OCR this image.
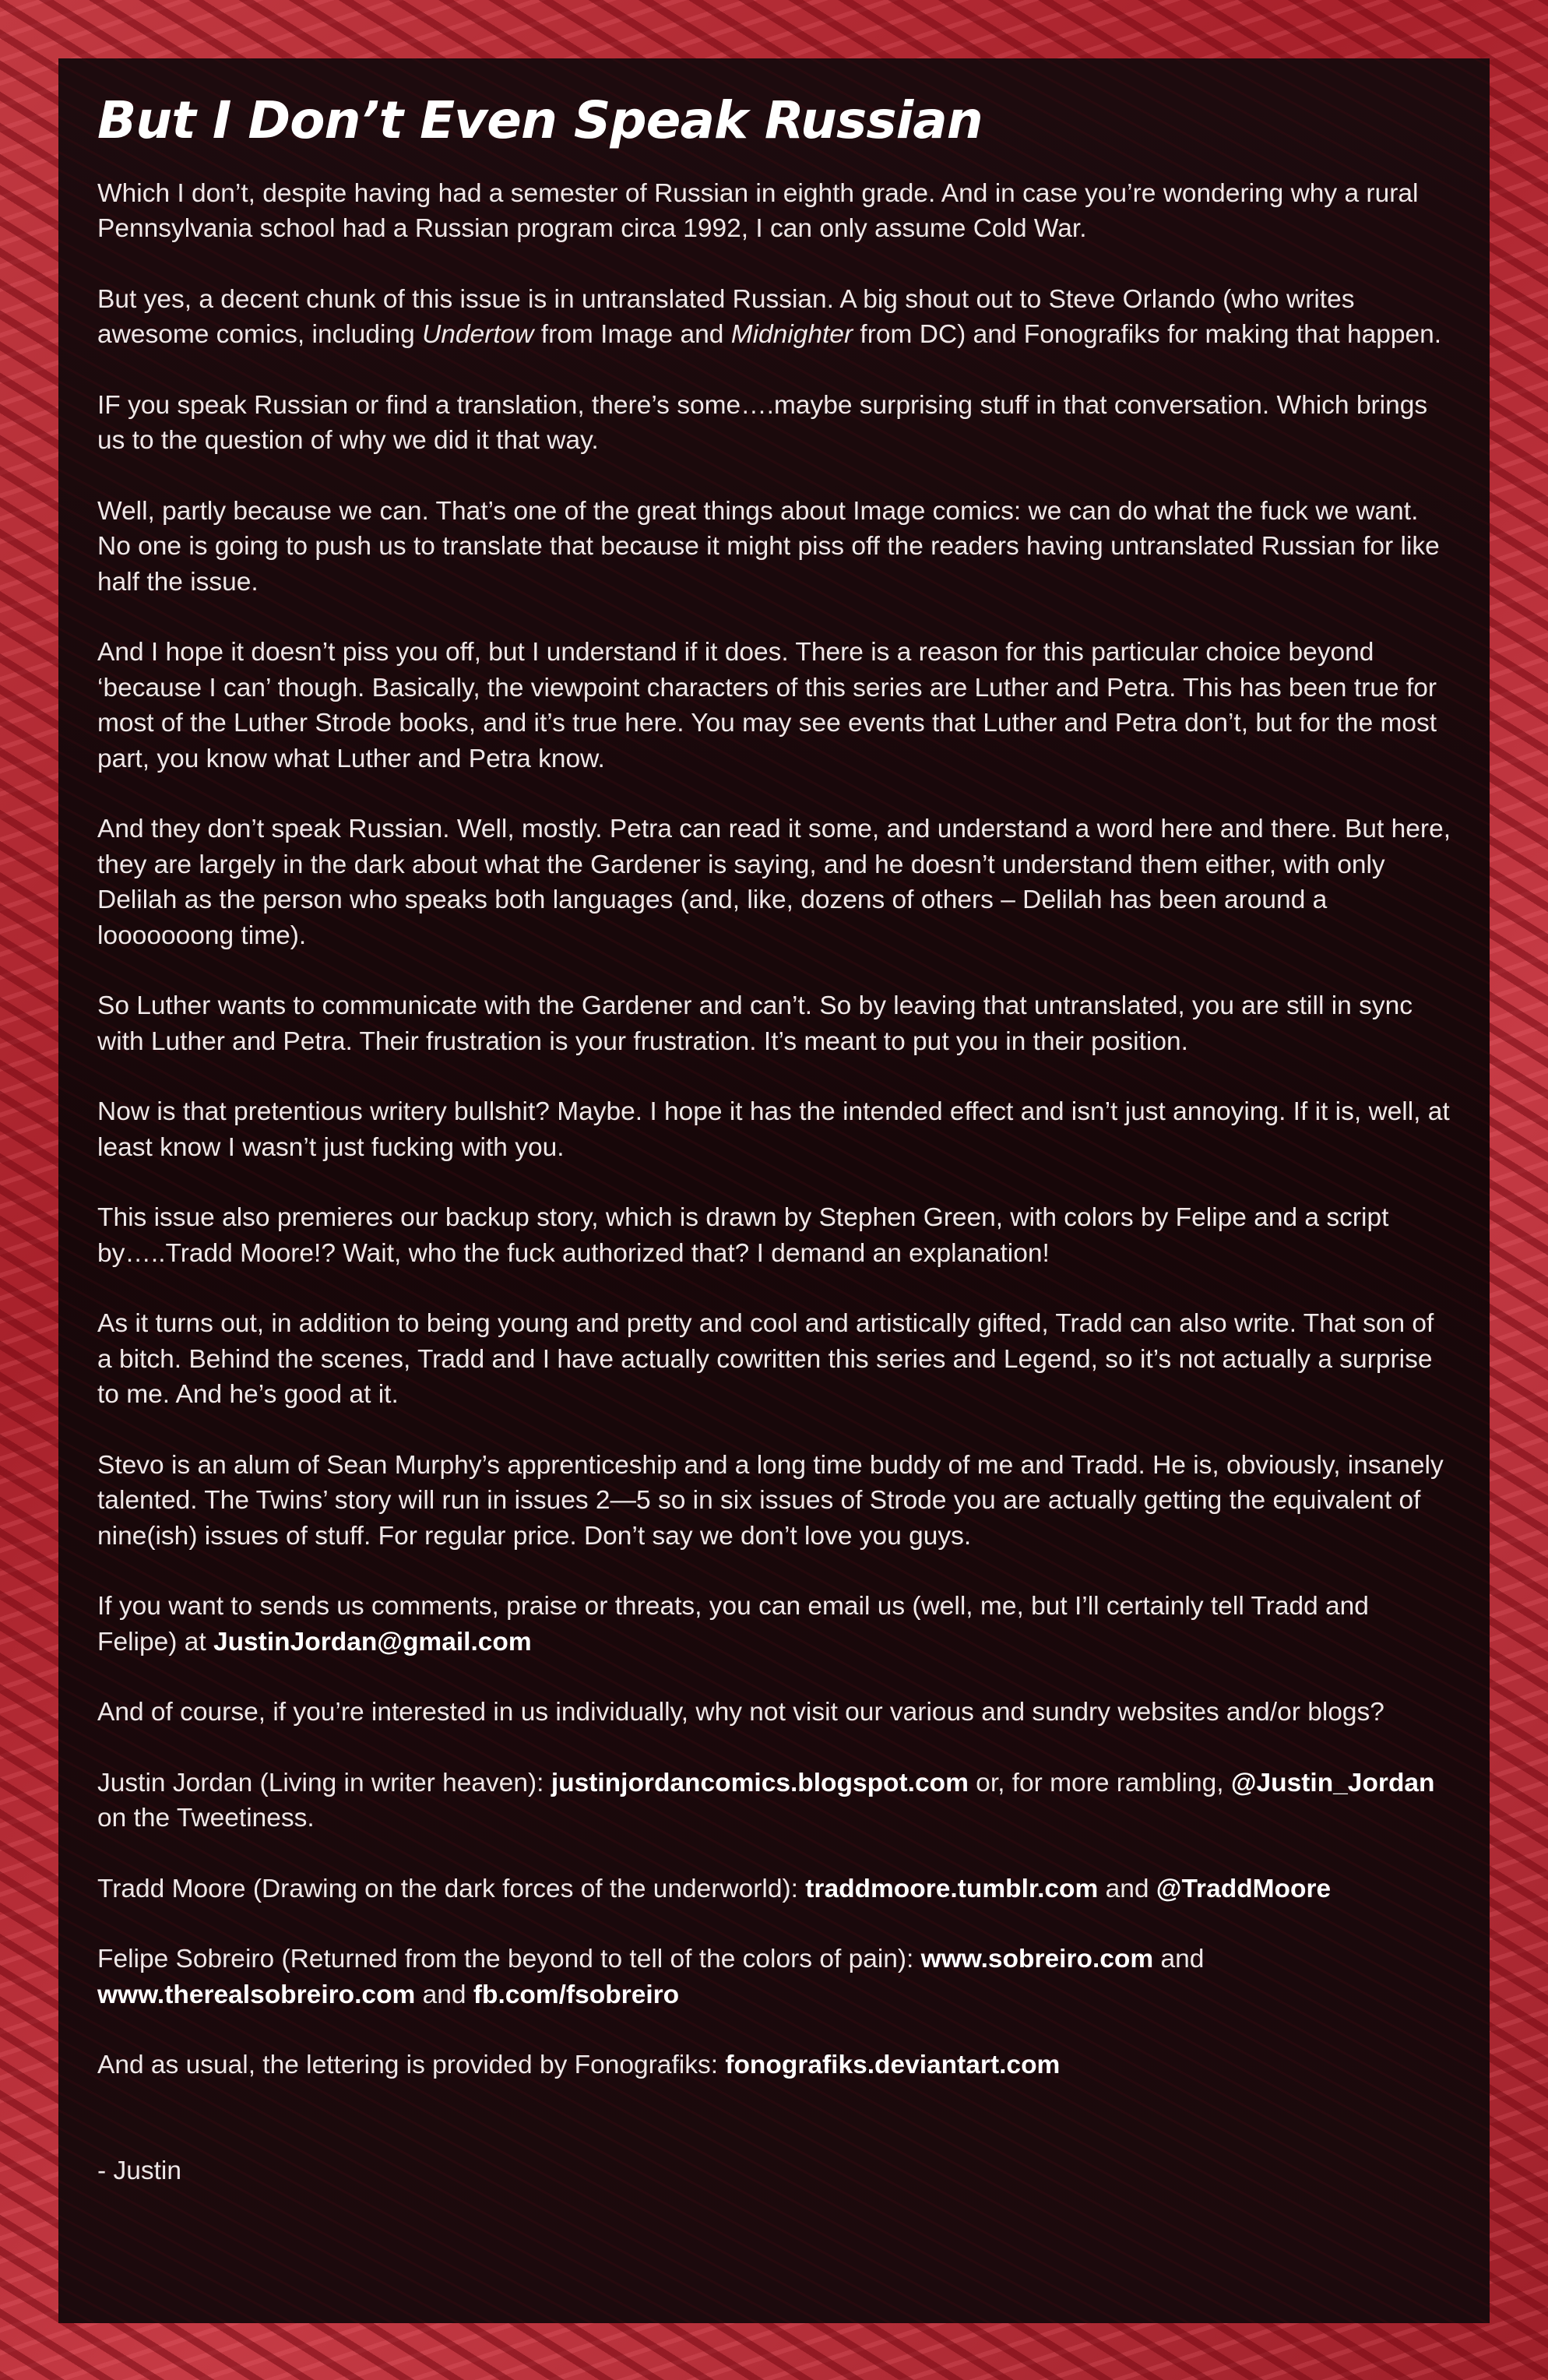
But I Don’t Even Speak Russian

Which I don’t, despite having had a semester of Russian in eighth grade. And in case you’re wondering why a rural Pennsylvania school had a Russian program circa 1992, I can only assume Cold War.

But yes, a decent chunk of this issue is in untranslated Russian. A big shout out to Steve Orlando (who writes awesome comics, including Undertow from Image and Midnighter from DC) and Fonografiks for making that happen.

IF you speak Russian or find a translation, there’s some….maybe surprising stuff in that conversation. Which brings us to the question of why we did it that way.

Well, partly because we can. That’s one of the great things about Image comics: we can do what the fuck we want. No one is going to push us to translate that because it might piss off the readers having untranslated Russian for like half the issue.

And I hope it doesn’t piss you off, but I understand if it does. There is a reason for this particular choice beyond ‘because I can’ though. Basically, the viewpoint characters of this series are Luther and Petra. This has been true for most of the Luther Strode books, and it’s true here. You may see events that Luther and Petra don’t, but for the most part, you know what Luther and Petra know.

And they don’t speak Russian. Well, mostly. Petra can read it some, and understand a word here and there. But here, they are largely in the dark about what the Gardener is saying, and he doesn’t understand them either, with only Delilah as the person who speaks both languages (and, like, dozens of others – Delilah has been around a looooooong time).

So Luther wants to communicate with the Gardener and can’t. So by leaving that untranslated, you are still in sync with Luther and Petra. Their frustration is your frustration. It’s meant to put you in their position.

Now is that pretentious writery bullshit? Maybe. I hope it has the intended effect and isn’t just annoying. If it is, well, at least know I wasn’t just fucking with you.

This issue also premieres our backup story, which is drawn by Stephen Green, with colors by Felipe and a script by…..Tradd Moore!? Wait, who the fuck authorized that? I demand an explanation!

As it turns out, in addition to being young and pretty and cool and artistically gifted, Tradd can also write. That son of a bitch. Behind the scenes, Tradd and I have actually cowritten this series and Legend, so it’s not actually a surprise to me. And he’s good at it.

Stevo is an alum of Sean Murphy’s apprenticeship and a long time buddy of me and Tradd. He is, obviously, insanely talented. The Twins’ story will run in issues 2—5 so in six issues of Strode you are actually getting the equivalent of nine(ish) issues of stuff. For regular price. Don’t say we don’t love you guys.

If you want to sends us comments, praise or threats, you can email us (well, me, but I’ll certainly tell Tradd and Felipe) at JustinJordan@gmail.com

And of course, if you’re interested in us individually, why not visit our various and sundry websites and/or blogs?

Justin Jordan (Living in writer heaven): justinjordancomics.blogspot.com or, for more rambling, @Justin_Jordan on the Tweetiness.

Tradd Moore (Drawing on the dark forces of the underworld): traddmoore.tumblr.com and @TraddMoore

Felipe Sobreiro (Returned from the beyond to tell of the colors of pain): www.sobreiro.com and www.therealsobreiro.com and fb.com/fsobreiro

And as usual, the lettering is provided by Fonografiks: fonografiks.deviantart.com

- Justin
